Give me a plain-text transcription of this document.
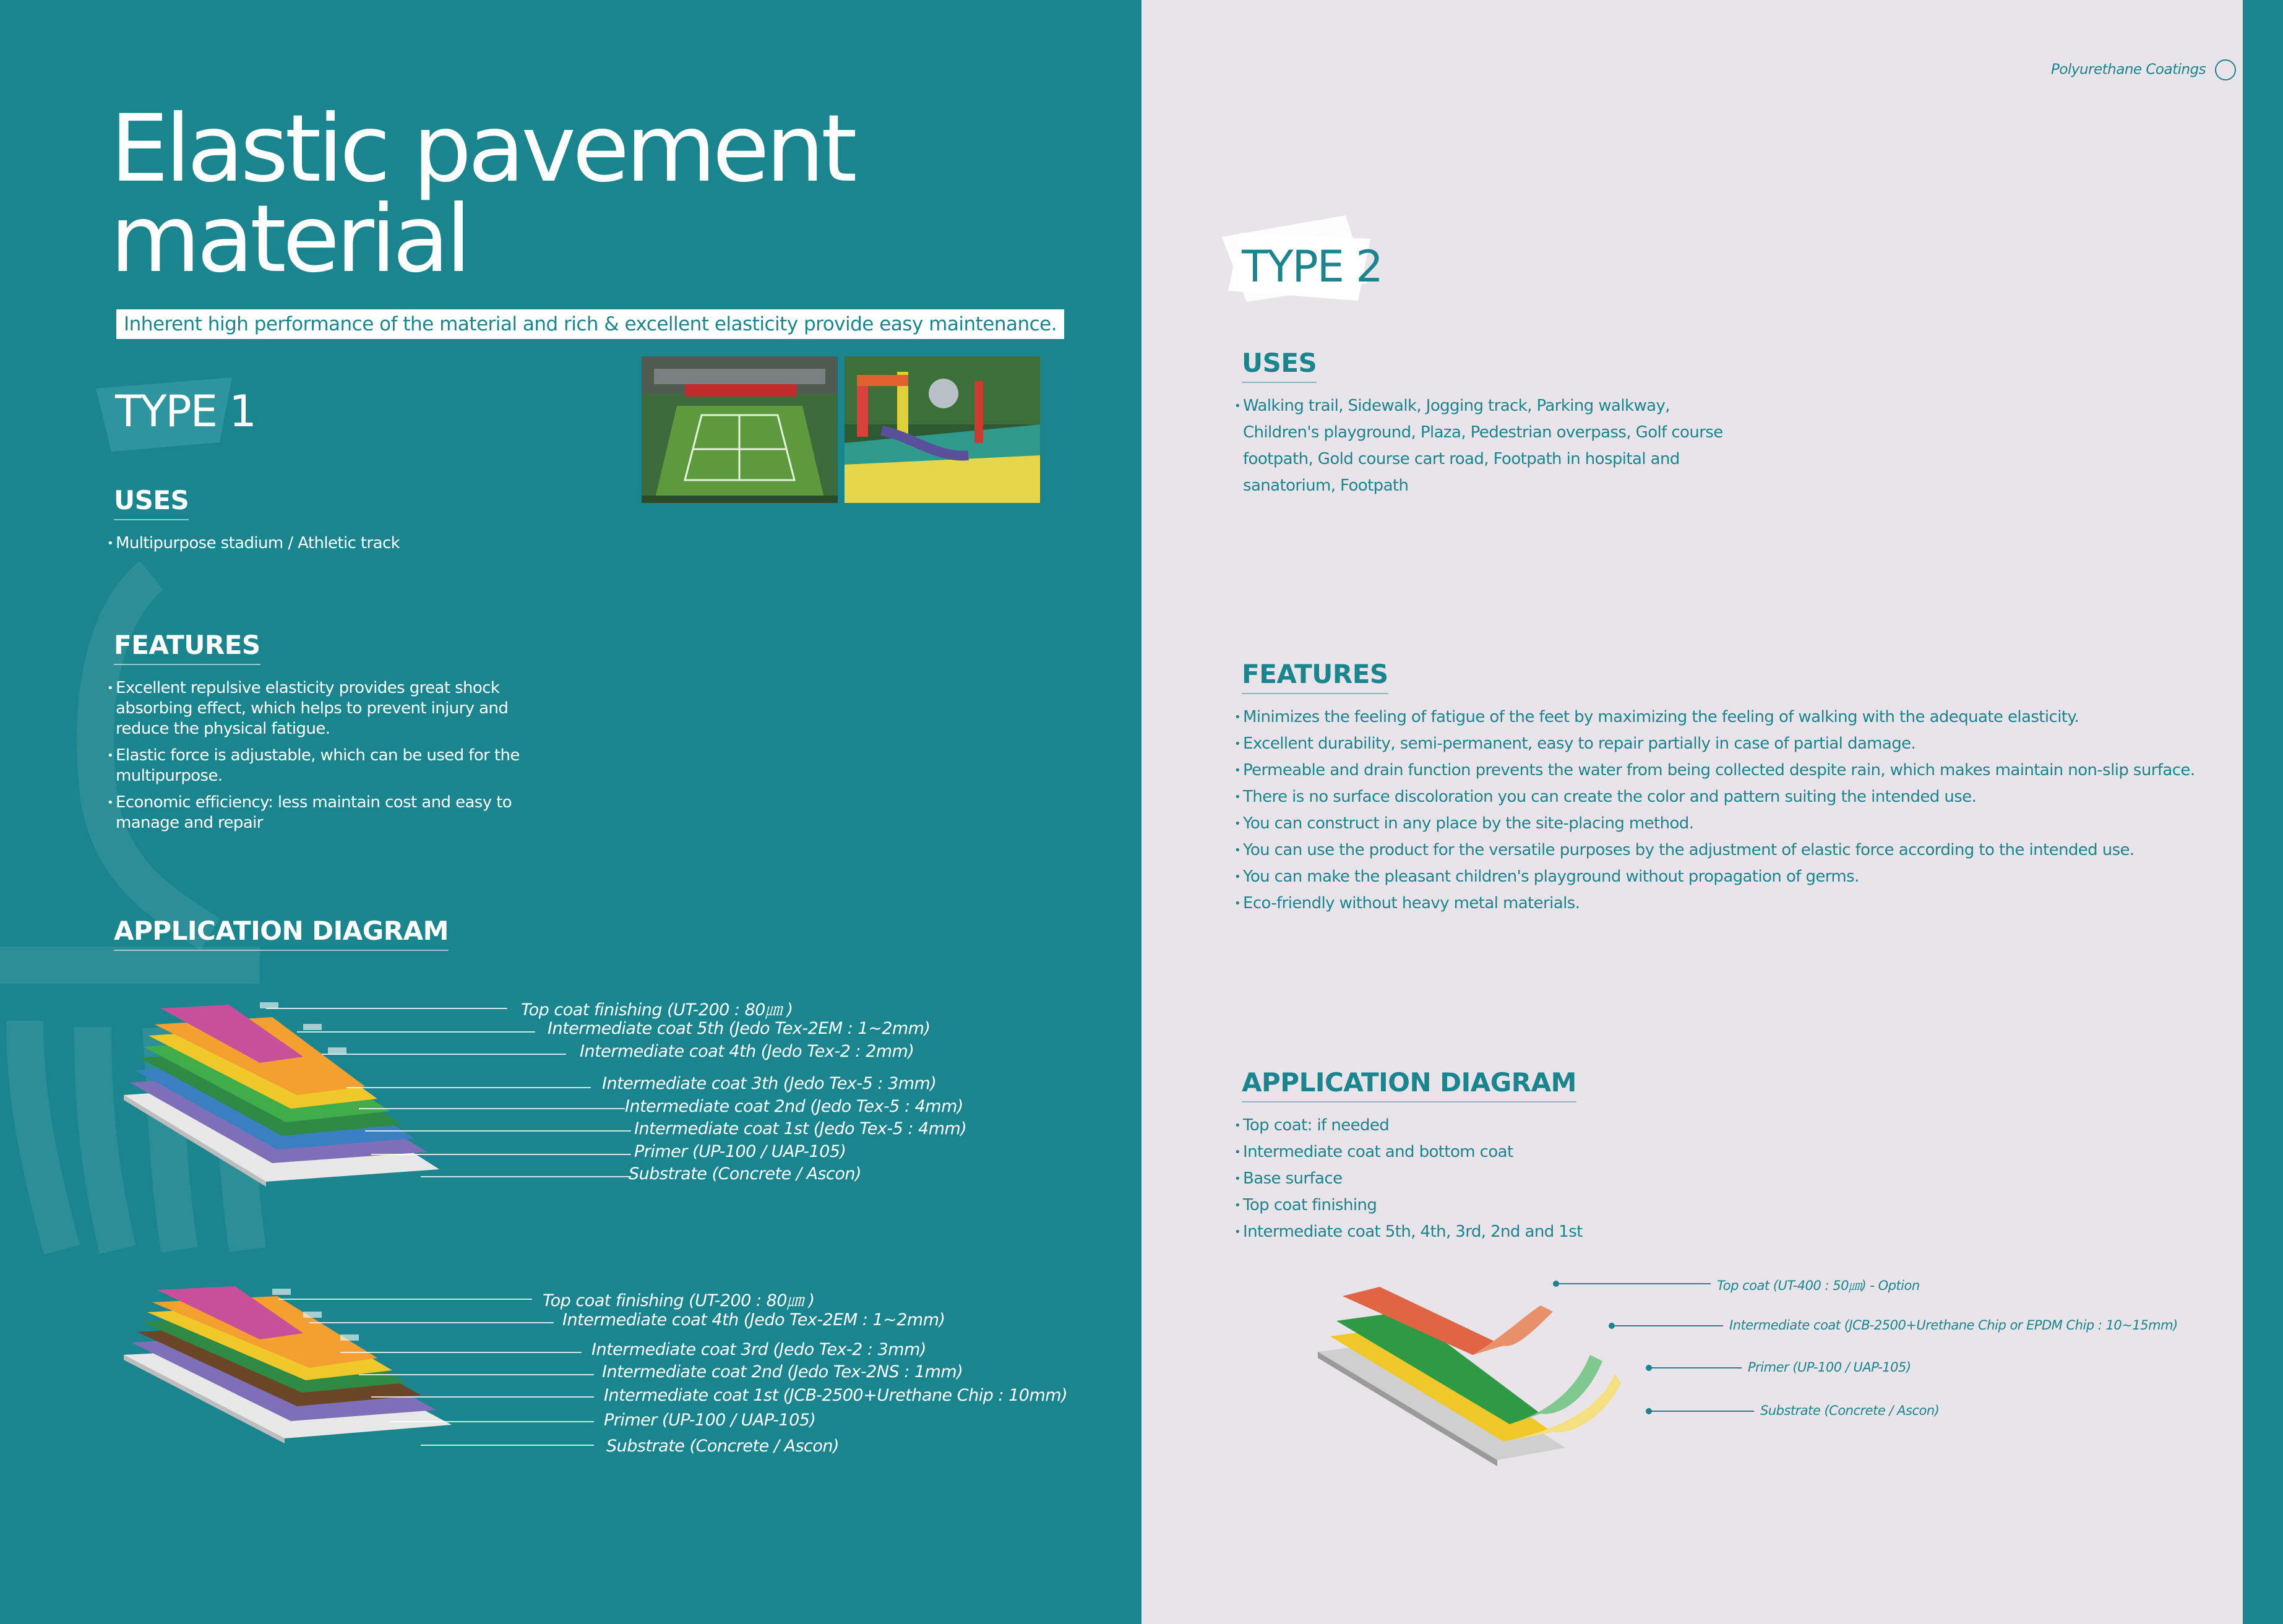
Elastic pavement
material
Inherent high performance of the material and rich & excellent elasticity provide easy maintenance.
TYPE 1
USES
• Multipurpose stadium / Athletic track
FEATURES
• Excellent repulsive elasticity provides great shock absorbing effect, which helps to prevent injury and reduce the physical fatigue.
• Elastic force is adjustable, which can be used for the multipurpose.
• Economic efficiency: less maintain cost and easy to manage and repair
APPLICATION DIAGRAM
Top coat finishing (UT-200 : 80㎛ )
Intermediate coat 5th (Jedo Tex-2EM : 1~2mm)
Intermediate coat 4th (Jedo Tex-2 : 2mm)
Intermediate coat 3th (Jedo Tex-5 : 3mm)
Intermediate coat 2nd (Jedo Tex-5 : 4mm)
Intermediate coat 1st (Jedo Tex-5 : 4mm)
Primer (UP-100 / UAP-105)
Substrate (Concrete / Ascon)
Top coat finishing (UT-200 : 80㎛ )
Intermediate coat 4th (Jedo Tex-2EM : 1~2mm)
Intermediate coat 3rd (Jedo Tex-2 : 3mm)
Intermediate coat 2nd (Jedo Tex-2NS : 1mm)
Intermediate coat 1st (JCB-2500+Urethane Chip : 10mm)
Primer (UP-100 / UAP-105)
Substrate (Concrete / Ascon)
Polyurethane Coatings
TYPE 2
USES
• Walking trail, Sidewalk, Jogging track, Parking walkway, Children's playground, Plaza, Pedestrian overpass, Golf course footpath, Gold course cart road, Footpath in hospital and sanatorium, Footpath
FEATURES
• Minimizes the feeling of fatigue of the feet by maximizing the feeling of walking with the adequate elasticity.
• Excellent durability, semi-permanent, easy to repair partially in case of partial damage.
• Permeable and drain function prevents the water from being collected despite rain, which makes maintain non-slip surface.
• There is no surface discoloration you can create the color and pattern suiting the intended use.
• You can construct in any place by the site-placing method.
• You can use the product for the versatile purposes by the adjustment of elastic force according to the intended use.
• You can make the pleasant children's playground without propagation of germs.
• Eco-friendly without heavy metal materials.
APPLICATION DIAGRAM
• Top coat: if needed
• Intermediate coat and bottom coat
• Base surface
• Top coat finishing
• Intermediate coat 5th, 4th, 3rd, 2nd and 1st
Top coat (UT-400 : 50㎛) - Option
Intermediate coat (JCB-2500+Urethane Chip or EPDM Chip : 10~15mm)
Primer (UP-100 / UAP-105)
Substrate (Concrete / Ascon)
